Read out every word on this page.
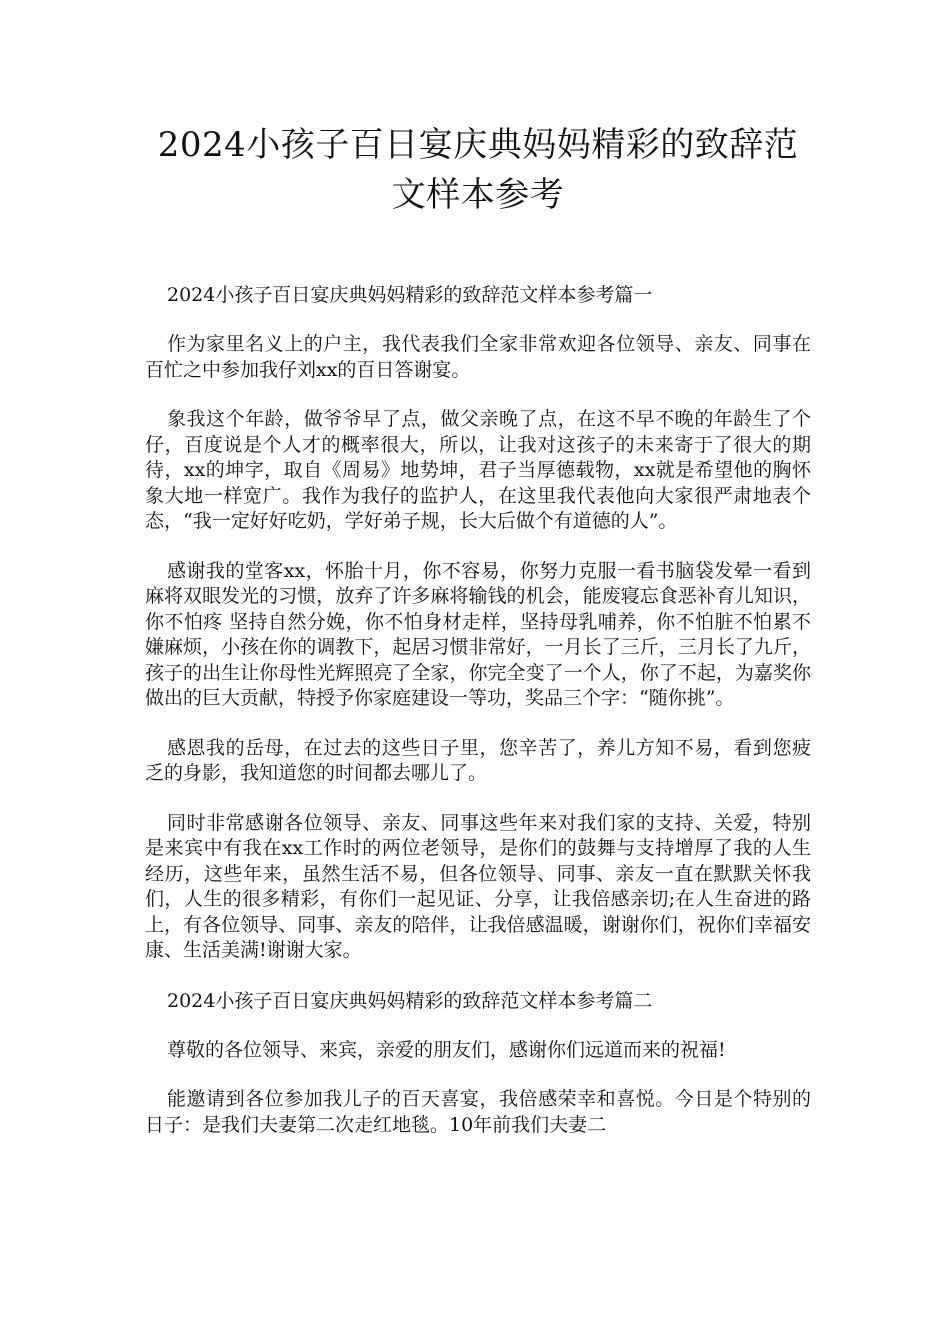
2024小孩子百日宴庆典妈妈精彩的致辞范文样本参考

2024小孩子百日宴庆典妈妈精彩的致辞范文样本参考篇一

作为家里名义上的户主，我代表我们全家非常欢迎各位领导、亲友、同事在百忙之中参加我仔刘xx的百日答谢宴。

象我这个年龄，做爷爷早了点，做父亲晚了点，在这不早不晚的年龄生了个仔，百度说是个人才的概率很大，所以，让我对这孩子的未来寄于了很大的期待，xx的坤字，取自《周易》地势坤，君子当厚德载物，xx就是希望他的胸怀象大地一样宽广。我作为我仔的监护人，在这里我代表他向大家很严肃地表个态，“我一定好好吃奶，学好弟子规，长大后做个有道德的人”。

感谢我的堂客xx，怀胎十月，你不容易，你努力克服一看书脑袋发晕一看到麻将双眼发光的习惯，放弃了许多麻将输钱的机会，能废寝忘食恶补育儿知识，你不怕疼 坚持自然分娩，你不怕身材走样，坚持母乳哺养，你不怕脏不怕累不嫌麻烦，小孩在你的调教下，起居习惯非常好，一月长了三斤，三月长了九斤，孩子的出生让你母性光辉照亮了全家，你完全变了一个人，你了不起，为嘉奖你做出的巨大贡献，特授予你家庭建设一等功，奖品三个字：“随你挑”。

感恩我的岳母，在过去的这些日子里，您辛苦了，养儿方知不易，看到您疲乏的身影，我知道您的时间都去哪儿了。

同时非常感谢各位领导、亲友、同事这些年来对我们家的支持、关爱，特别是来宾中有我在xx工作时的两位老领导，是你们的鼓舞与支持增厚了我的人生经历，这些年来，虽然生活不易，但各位领导、同事、亲友一直在默默关怀我们，人生的很多精彩，有你们一起见证、分享，让我倍感亲切;在人生奋进的路上，有各位领导、同事、亲友的陪伴，让我倍感温暖，谢谢你们，祝你们幸福安康、生活美满!谢谢大家。

2024小孩子百日宴庆典妈妈精彩的致辞范文样本参考篇二

尊敬的各位领导、来宾，亲爱的朋友们，感谢你们远道而来的祝福!

能邀请到各位参加我儿子的百天喜宴，我倍感荣幸和喜悦。今日是个特别的日子：是我们夫妻第二次走红地毯。10年前我们夫妻二
